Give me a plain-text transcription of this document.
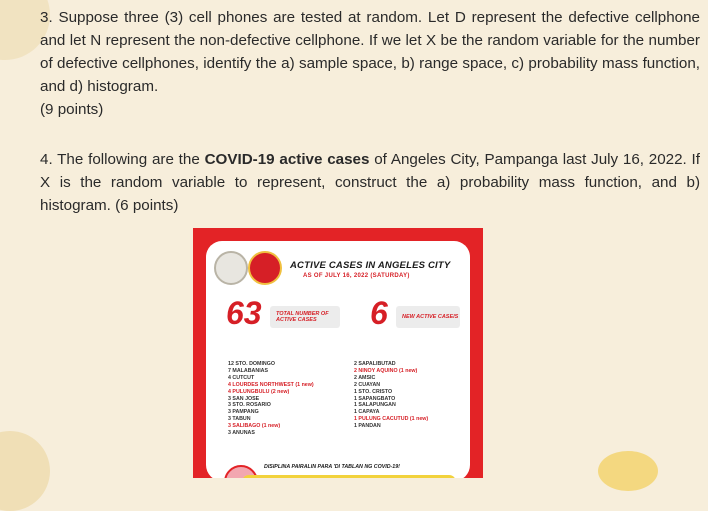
3. Suppose three (3) cell phones are tested at random. Let D represent the defective cellphone and let N represent the non-defective cellphone. If we let X be the random variable for the number of defective cellphones, identify the a) sample space, b) range space, c) probability mass function, and d) histogram.
(9 points)
4. The following are the COVID-19 active cases of Angeles City, Pampanga last July 16, 2022. If X is the random variable to represent, construct the a) probability mass function, and b) histogram. (6 points)
ACTIVE CASES IN ANGELES CITY
AS OF JULY 16, 2022 (SATURDAY)
63	TOTAL NUMBER OF ACTIVE CASES	6	NEW ACTIVE CASE/S
12 STO. DOMINGO
7 MALABANIAS
4 CUTCUT
4 LOURDES NORTHWEST (1 new)
4 PULUNGBULU (2 new)
3 SAN JOSE
3 STO. ROSARIO
3 PAMPANG
3 TABUN
3 SALIBAGO (1 new)
3 ANUNAS
2 SAPALIBUTAD
2 NINOY AQUINO (1 new)
2 AMSIC
2 CUAYAN
1 STO. CRISTO
1 SAPANGBATO
1 SALAPUNGAN
1 CAPAYA
1 PULUNG CACUTUD (1 new)
1 PANDAN
DISIPLINA PAIRALIN PARA 'DI TABLAN NG COVID-19!
